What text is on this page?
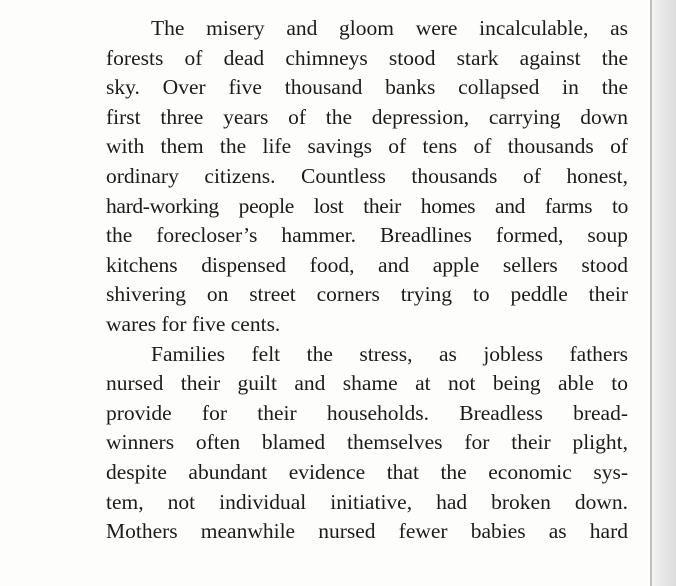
The misery and gloom were incalculable, as
forests of dead chimneys stood stark against the
sky. Over five thousand banks collapsed in the
first three years of the depression, carrying down
with them the life savings of tens of thousands of
ordinary citizens. Countless thousands of honest,
hard-working people lost their homes and farms to
the forecloser’s hammer. Breadlines formed, soup
kitchens dispensed food, and apple sellers stood
shivering on street corners trying to peddle their
wares for five cents.
Families felt the stress, as jobless fathers
nursed their guilt and shame at not being able to
provide for their households. Breadless bread-
winners often blamed themselves for their plight,
despite abundant evidence that the economic sys-
tem, not individual initiative, had broken down.
Mothers meanwhile nursed fewer babies as hard
